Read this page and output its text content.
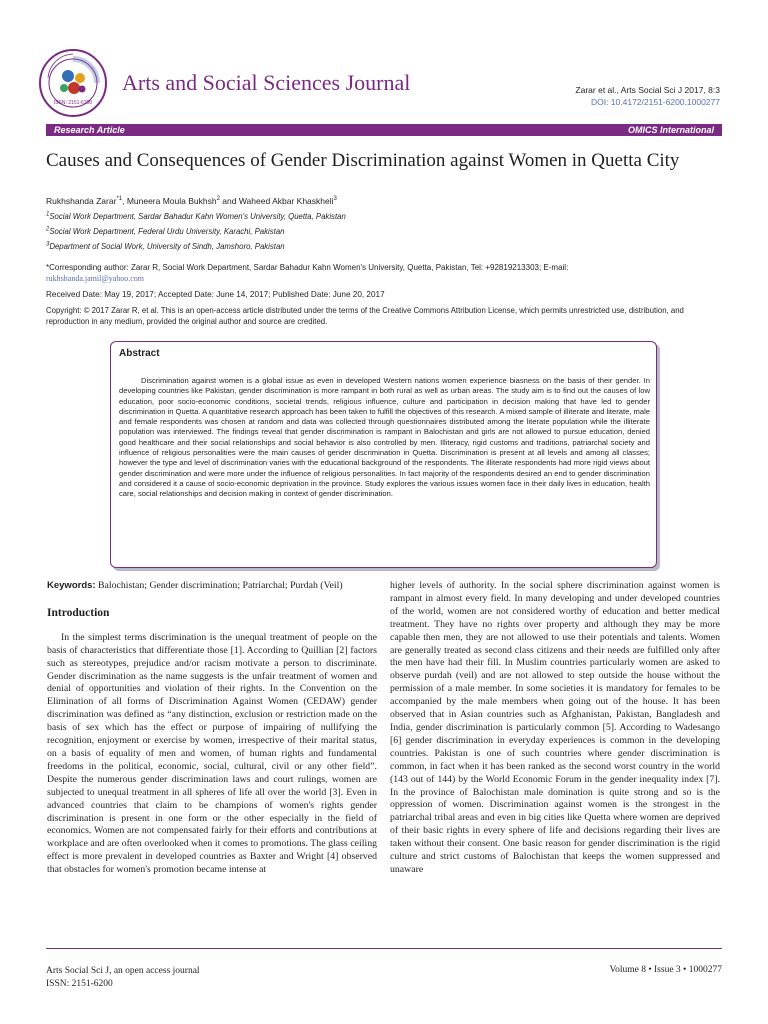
ISSN: 2151-6200
Arts and Social Sciences Journal	Zarar et al., Arts Social Sci J 2017, 8:3
DOI: 10.4172/2151-6200.1000277
Research Article	OMICS International
Causes and Consequences of Gender Discrimination against Women in Quetta City
Rukhshanda Zarar$^{*1}$, Muneera Moula Bukhsh$^2$ and Waheed Akbar Khaskheli$^3$
$^1$Social Work Department, Sardar Bahadur Kahn Women's University, Quetta, Pakistan
$^2$Social Work Department, Federal Urdu University, Karachi, Pakistan
$^3$Department of Social Work, University of Sindh, Jamshoro, Pakistan
*Corresponding author: Zarar R, Social Work Department, Sardar Bahadur Kahn Women's University, Quetta, Pakistan, Tel: +92819213303; E-mail:
rukhshanda.jamil@yahoo.com
Received Date: May 19, 2017; Accepted Date: June 14, 2017; Published Date: June 20, 2017
Copyright: © 2017 Zarar R, et al. This is an open-access article distributed under the terms of the Creative Commons Attribution License, which permits unrestricted use, distribution, and reproduction in any medium, provided the original author and source are credited.
Abstract
Discrimination against women is a global issue as even in developed Western nations women experience biasness on the basis of their gender. In developing countries like Pakistan, gender discrimination is more rampant in both rural as well as urban areas. The study aim is to find out the causes of low education, poor socio-economic conditions, societal trends, religious influence, culture and participation in decision making that have led to gender discrimination in Quetta. A quantitative research approach has been taken to fulfill the objectives of this research. A mixed sample of illiterate and literate, male and female respondents was chosen at random and data was collected through questionnaires distributed among the literate population while the illiterate population was interviewed. The findings reveal that gender discrimination is rampant in Balochistan and girls are not allowed to pursue education, denied good healthcare and their social relationships and social behavior is also controlled by men. Illiteracy, rigid customs and traditions, patriarchal society and influence of religious personalities were the main causes of gender discrimination in Quetta. Discrimination is present at all levels and among all classes; however the type and level of discrimination varies with the educational background of the respondents. The illiterate respondents had more rigid views about gender discrimination and were more under the influence of religious personalities. In fact majority of the respondents desired an end to gender discrimination and considered it a cause of socio-economic deprivation in the province. Study explores the various issues women face in their daily lives in education, health care, social relationships and decision making in context of gender discrimination.

Keywords: Balochistan; Gender discrimination; Patriarchal; Purdah (Veil)

Introduction

In the simplest terms discrimination is the unequal treatment of people on the basis of characteristics that differentiate those [1]. According to Quillian [2] factors such as stereotypes, prejudice and/or racism motivate a person to discriminate. Gender discrimination as the name suggests is the unfair treatment of women and denial of opportunities and violation of their rights. In the Convention on the Elimination of all forms of Discrimination Against Women (CEDAW) gender discrimination was defined as “any distinction, exclusion or restriction made on the basis of sex which has the effect or purpose of impairing of nullifying the recognition, enjoyment or exercise by women, irrespective of their marital status, on a basis of equality of men and women, of human rights and fundamental freedoms in the political, economic, social, cultural, civil or any other field”. Despite the numerous gender discrimination laws and court rulings, women are subjected to unequal treatment in all spheres of life all over the world [3]. Even in advanced countries that claim to be champions of women's rights gender discrimination is present in one form or the other especially in the field of economics. Women are not compensated fairly for their efforts and contributions at workplace and are often overlooked when it comes to promotions. The glass ceiling effect is more prevalent in developed countries as Baxter and Wright [4] observed that obstacles for women's promotion became intense at

higher levels of authority. In the social sphere discrimination against women is rampant in almost every field. In many developing and under developed countries of the world, women are not considered worthy of education and better medical treatment. They have no rights over property and although they may be more capable then men, they are not allowed to use their potentials and talents. Women are generally treated as second class citizens and their needs are fulfilled only after the men have had their fill. In Muslim countries particularly women are asked to observe purdah (veil) and are not allowed to step outside the house without the permission of a male member. In some societies it is mandatory for females to be accompanied by the male members when going out of the house. It has been observed that in Asian countries such as Afghanistan, Pakistan, Bangladesh and India, gender discrimination is particularly common [5]. According to Wadesango [6] gender discrimination in everyday experiences is common in the developing countries. Pakistan is one of such countries where gender discrimination is common, in fact when it has been ranked as the second worst country in the world (143 out of 144) by the World Economic Forum in the gender inequality index [7]. In the province of Balochistan male domination is quite strong and so is the oppression of women. Discrimination against women is the strongest in the patriarchal tribal areas and even in big cities like Quetta where women are deprived of their basic rights in every sphere of life and decisions regarding their lives are taken without their consent. One basic reason for gender discrimination is the rigid culture and strict customs of Balochistan that keeps the women suppressed and unaware

Arts Social Sci J, an open access journal
ISSN: 2151-6200
Volume 8 • Issue 3 • 1000277
